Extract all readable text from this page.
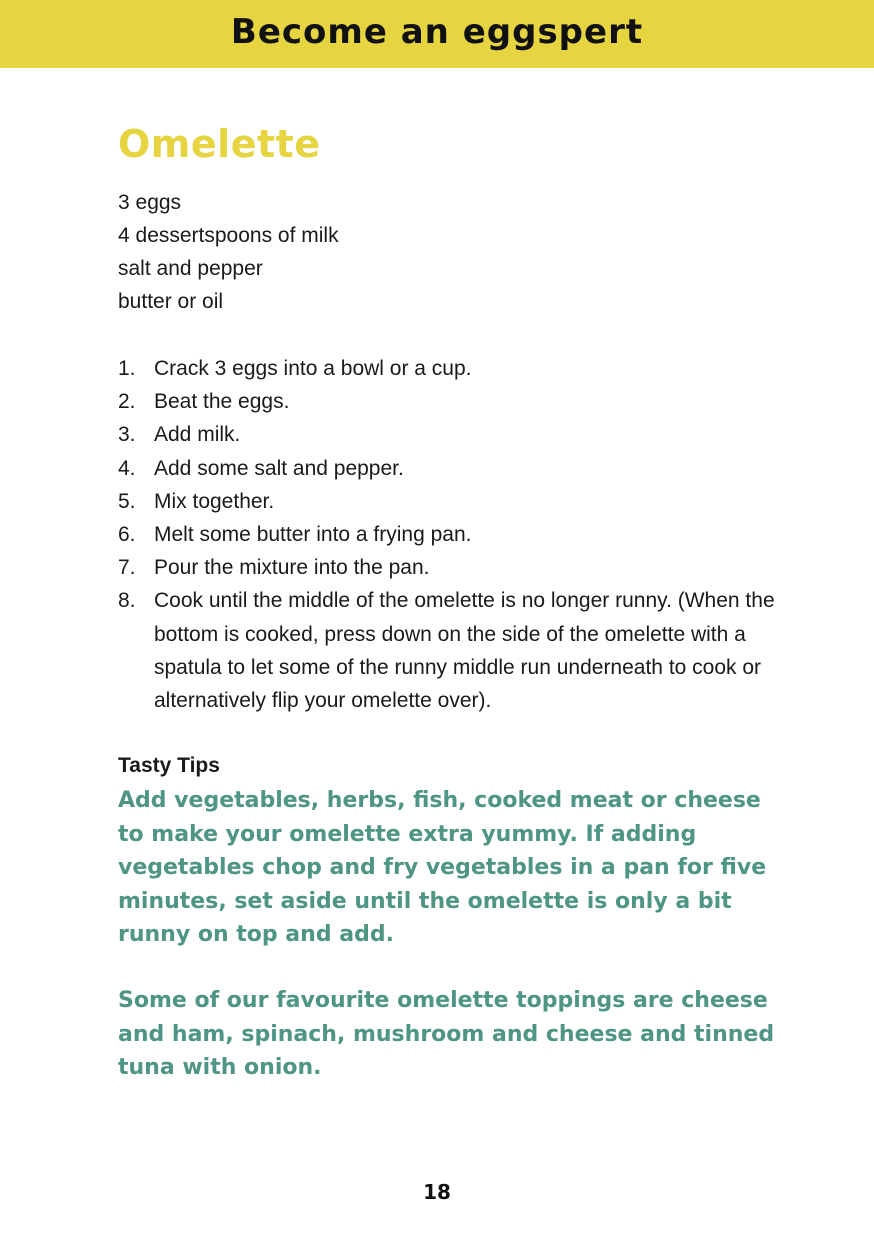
Become an eggspert
Omelette
3 eggs
4 dessertspoons of milk
salt and pepper
butter or oil
1. Crack 3 eggs into a bowl or a cup.
2. Beat the eggs.
3. Add milk.
4. Add some salt and pepper.
5. Mix together.
6. Melt some butter into a frying pan.
7. Pour the mixture into the pan.
8. Cook until the middle of the omelette is no longer runny. (When the bottom is cooked, press down on the side of the omelette with a spatula to let some of the runny middle run underneath to cook or alternatively flip your omelette over).
Tasty Tips

Add vegetables, herbs, fish, cooked meat or cheese to make your omelette extra yummy. If adding vegetables chop and fry vegetables in a pan for five minutes, set aside until the omelette is only a bit runny on top and add.

Some of our favourite omelette toppings are cheese and ham, spinach, mushroom and cheese and tinned tuna with onion.

18
